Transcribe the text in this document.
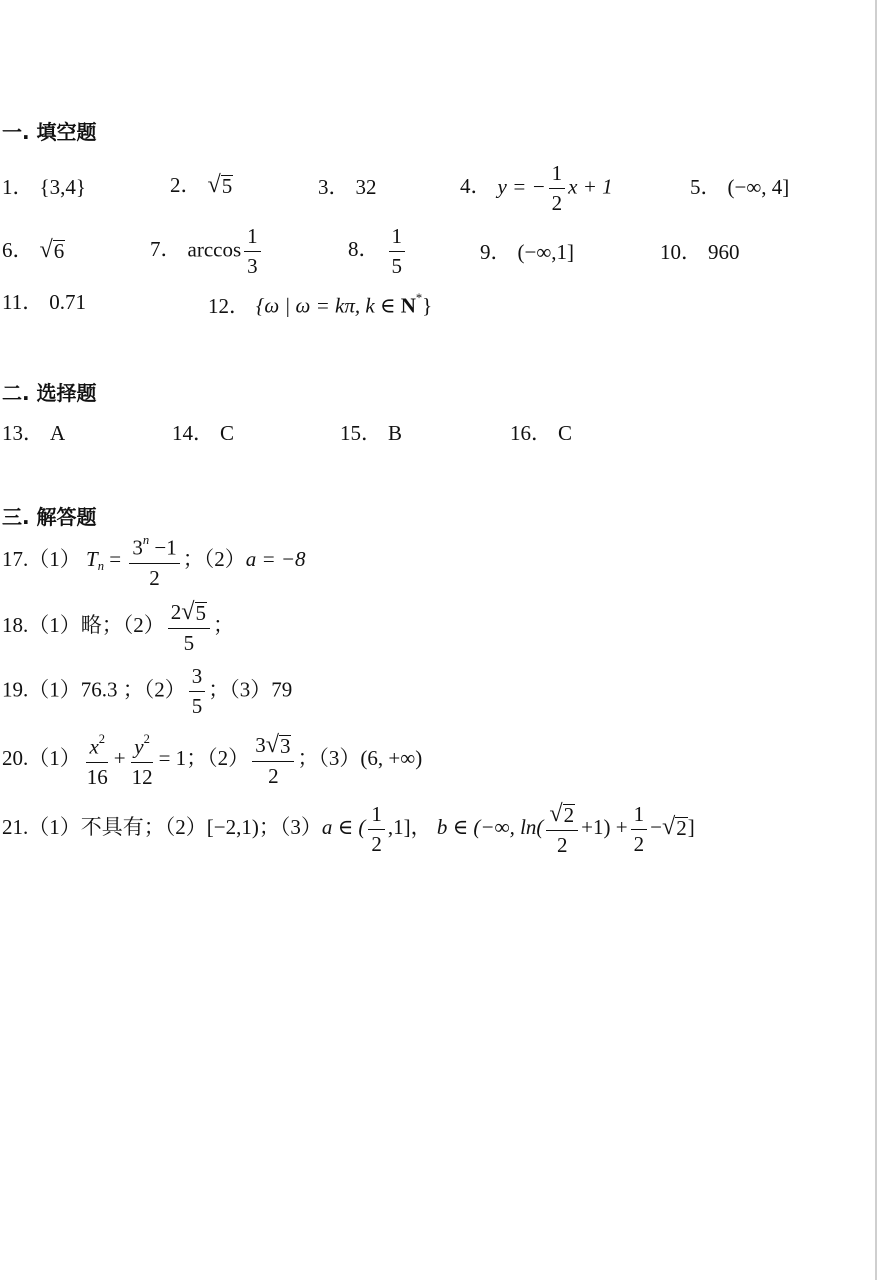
一. 填空题
1． {3,4}	2． √ 5	3． 32	4． y = − $\frac{1}{2}$ x + 1	5． (−∞, 4]
6． √ 6	7． $\arccos \frac{1}{3}$	8． $\frac{1}{5}$	9． (−∞,1]	10． 960
11． 0.71	12． {ω | ω = kπ, k ∈ N*}
二. 选择题
13． A	14． C	15． B	16． C
三. 解答题
17.（1） $T_n = \frac{3^n -1}{2}$ ；（2）a = −8
18.（1）略；$(2) \frac{2 √ 5}{5}$ ；
19.（1）76.3 ；$(2) \frac{3}{5}$ ；（3）79
$20.(1) \frac{x^2}{16} + \frac{y^2}{12} = 1$；$(2) \frac{3 √ 3}{2}$ ；（3）(6, +∞)
21.（1）不具有；（2）[−2,1)；（3）a ∈ ( $\frac{1}{2} ,1$]， b ∈ (−∞, $\ln( \frac{√ 2}{2} +1) + \frac{1}{2}$ − √ 2 ]
